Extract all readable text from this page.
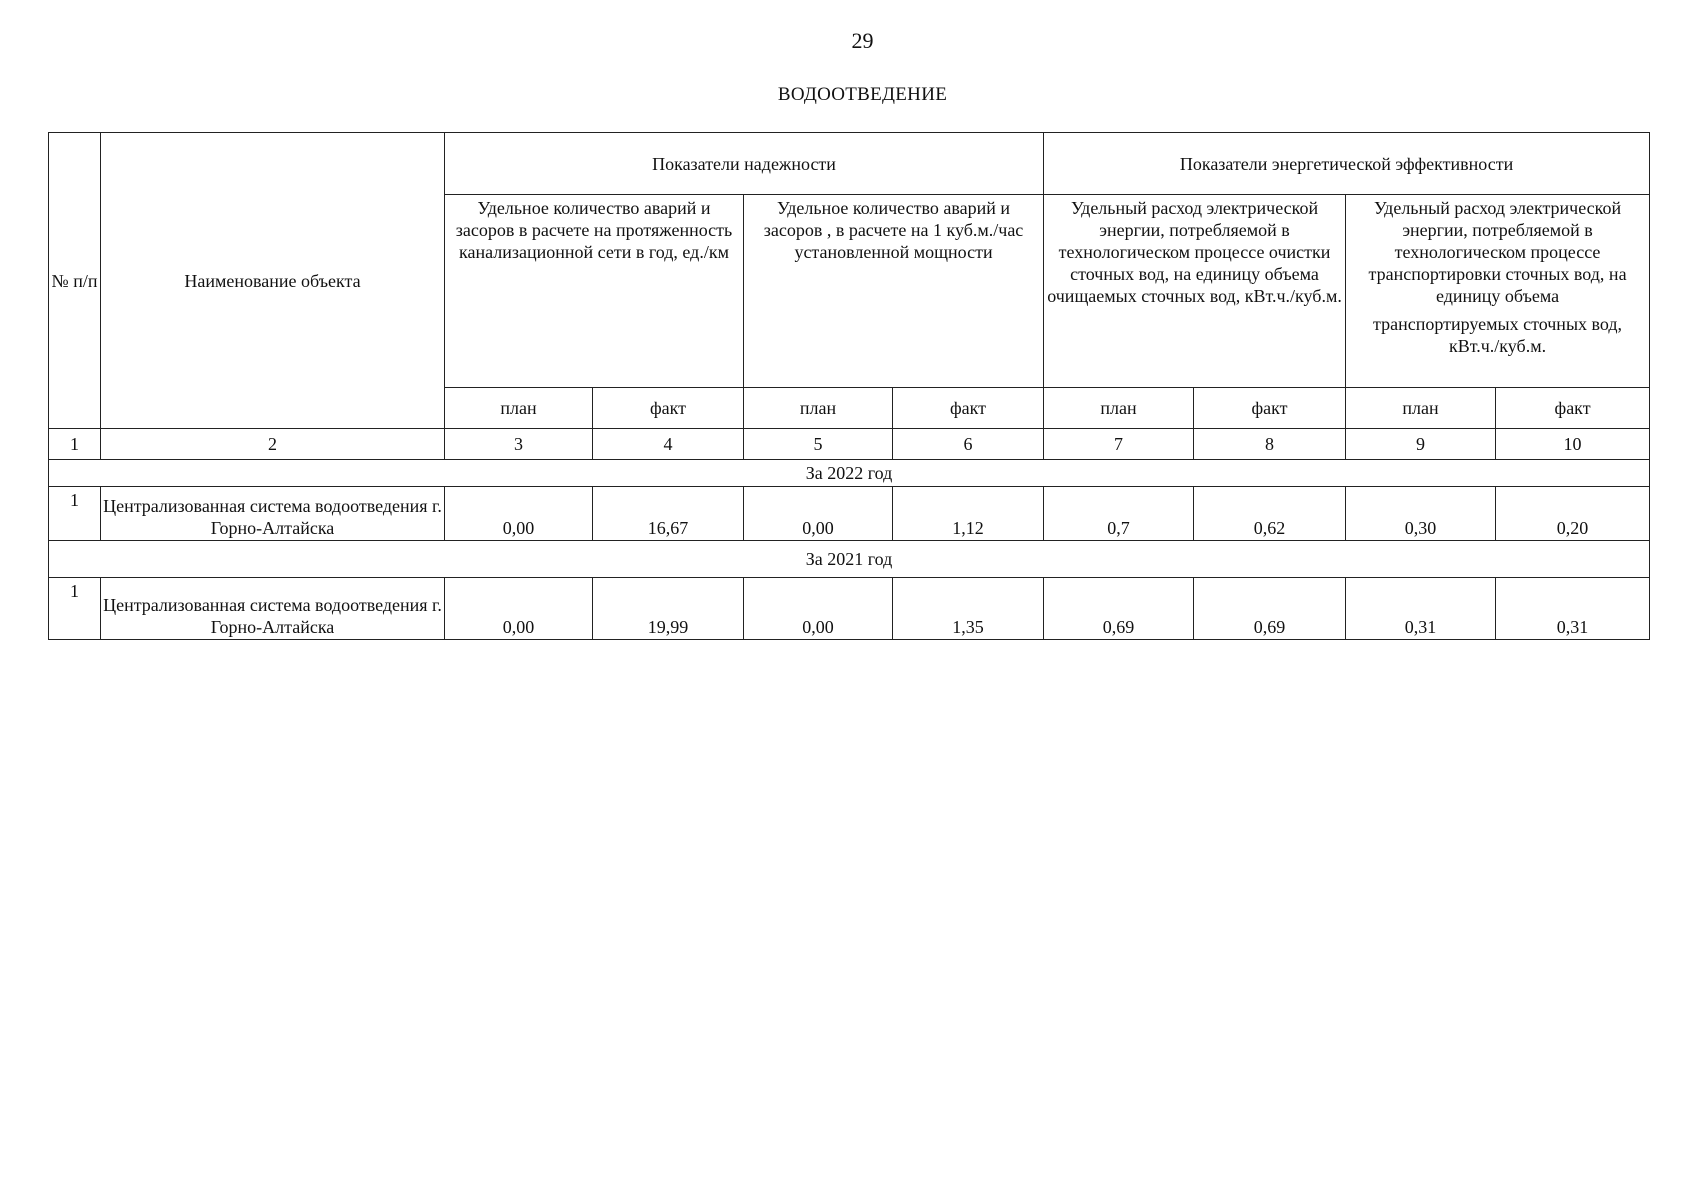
29
ВОДООТВЕДЕНИЕ
№ п/п	Наименование объекта	Показатели надежности				Показатели энергетической эффективности			
		Удельное количество аварий и засоров в расчете на протяженность канализационной сети в год, ед./км		Удельное количество аварий и засоров , в расчете на 1 куб.м./час установленной мощности		Удельный расход электрической энергии, потребляемой в технологическом процессе очистки сточных вод, на единицу объема очищаемых сточных вод, кВт.ч./куб.м.		Удельный расход электрической энергии, потребляемой в технологическом процессе транспортировки сточных вод, на единицу объема
транспортируемых сточных вод, кВт.ч./куб.м.	

		план	факт	план	факт	план	факт	план	факт
1	2	3	4	5	6	7	8	9	10
За 2022 год									
1	Централизованная система водоотведения г. Горно-Алтайска	0,00	16,67	0,00	1,12	0,7	0,62	0,30	0,20
За 2021 год									
1	Централизованная система водоотведения г. Горно-Алтайска	0,00	19,99	0,00	1,35	0,69	0,69	0,31	0,31
